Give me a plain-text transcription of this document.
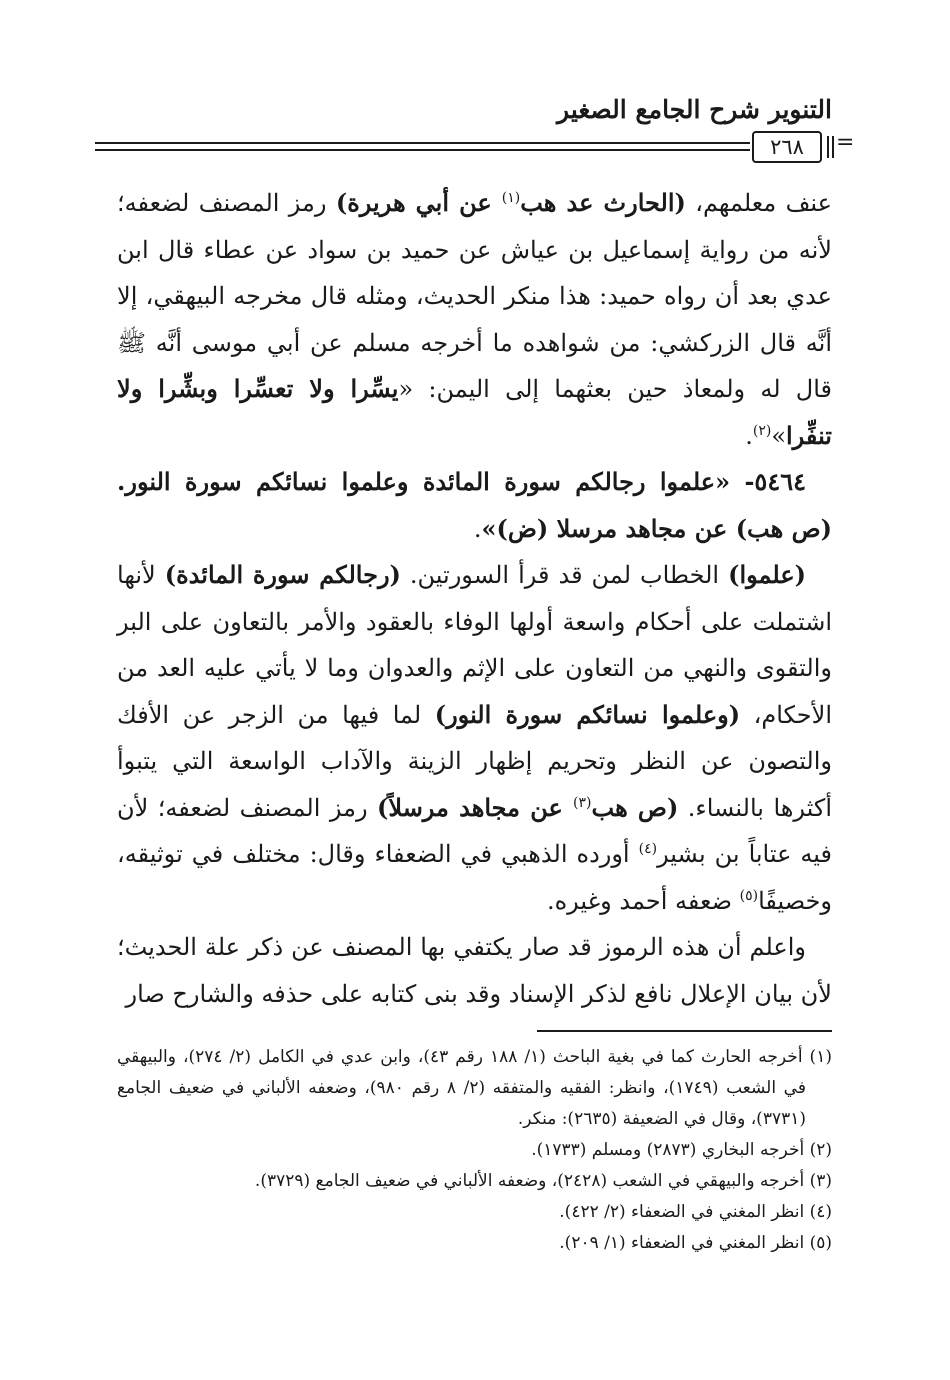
التنوير شرح الجامع الصغير
٢٦٨	=

عنف معلمهم، (الحارث عد هب$^{(١)}$ عن أبي هريرة) رمز المصنف لضعفه؛ لأنه من رواية إسماعيل بن عياش عن حميد بن سواد عن عطاء قال ابن عدي بعد أن رواه حميد: هذا منكر الحديث، ومثله قال مخرجه البيهقي، إلا أنَّه قال الزركشي: من شواهده ما أخرجه مسلم عن أبي موسى أنَّه ﷺ قال له ولمعاذ حين بعثهما إلى اليمن: «يسِّرا ولا تعسِّرا وبشِّرا ولا تنفِّرا»$^{(٢)}$.

٥٤٦٤- «علموا رجالكم سورة المائدة وعلموا نسائكم سورة النور. (ص هب) عن مجاهد مرسلا (ض)».

(علموا) الخطاب لمن قد قرأ السورتين. (رجالكم سورة المائدة) لأنها اشتملت على أحكام واسعة أولها الوفاء بالعقود والأمر بالتعاون على البر والتقوى والنهي من التعاون على الإثم والعدوان وما لا يأتي عليه العد من الأحكام، (وعلموا نسائكم سورة النور) لما فيها من الزجر عن الأفك والتصون عن النظر وتحريم إظهار الزينة والآداب الواسعة التي يتبوأ أكثرها بالنساء. (ص هب$^{(٣)}$ عن مجاهد مرسلاً) رمز المصنف لضعفه؛ لأن فيه عتاباً بن بشير$^{(٤)}$ أورده الذهبي في الضعفاء وقال: مختلف في توثيقه، وخصيفًا$^{(٥)}$ ضعفه أحمد وغيره.

واعلم أن هذه الرموز قد صار يكتفي بها المصنف عن ذكر علة الحديث؛ لأن بيان الإعلال نافع لذكر الإسناد وقد بنى كتابه على حذفه والشارح صار

(١) أخرجه الحارث كما في بغية الباحث (١/ ١٨٨ رقم ٤٣)، وابن عدي في الكامل (٢/ ٢٧٤)، والبيهقي في الشعب (١٧٤٩)، وانظر: الفقيه والمتفقه (٢/ ٨ رقم ٩٨٠)، وضعفه الألباني في ضعيف الجامع (٣٧٣١)، وقال في الضعيفة (٢٦٣٥): منكر.

(٢) أخرجه البخاري (٢٨٧٣) ومسلم (١٧٣٣).

(٣) أخرجه والبيهقي في الشعب (٢٤٢٨)، وضعفه الألباني في ضعيف الجامع (٣٧٢٩).

(٤) انظر المغني في الضعفاء (٢/ ٤٢٢).

(٥) انظر المغني في الضعفاء (١/ ٢٠٩).
